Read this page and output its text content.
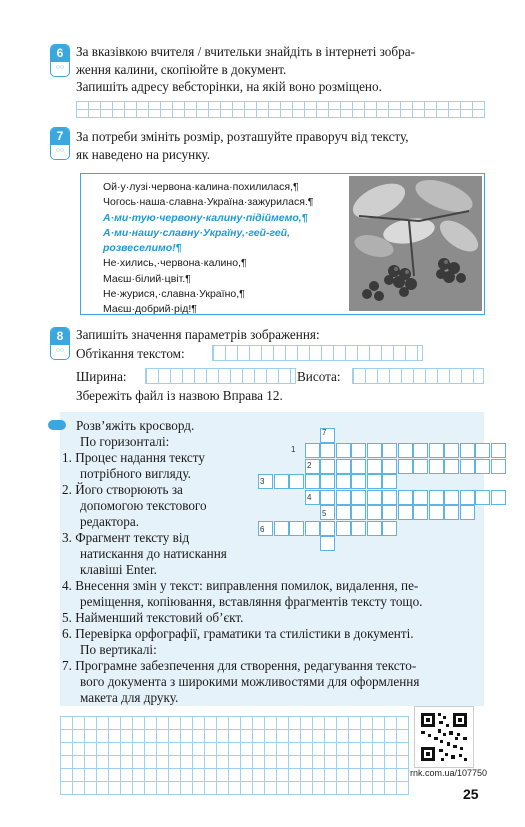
6
○○
За вказівкою вчителя / вчительки знайдіть в інтернеті зобра-
ження калини, скопіюйте в документ.
Запишіть адресу вебсторінки, на якій воно розміщено.
7
○○
За потреби змініть розмір, розташуйте праворуч від тексту,
як наведено на рисунку.
Ой·у·лузі·червона·калина·похилилася,¶
Чогось·наша·славна·Україна·зажурилася.¶
А·ми·тую·червону·калину·підіймемо,¶
А·ми·нашу·славну·Україну,·гей-гей,
розвеселимо!¶
Не·хились,·червона·калино,¶
Маєш·білий·цвіт.¶
Не·журися,·славна·Україно,¶
Маєш·добрий·рід!¶
8
○○
Запишіть значення параметрів зображення:
Обтікання текстом:
Ширина:	Висота:
Збережіть файл із назвою Вправа 12.
Розв’яжіть кросворд.
По горизонталі:
1. Процес надання тексту
потрібного вигляду.
2. Його створюють за
допомогою текстового
редактора.
3. Фрагмент тексту від
натискання до натискання
клавіші Enter.
4. Внесення змін у текст: виправлення помилок, видалення, пе-
реміщення, копіювання, вставляння фрагментів тексту тощо.
5. Найменший текстовий об’єкт.
6. Перевірка орфографії, граматики та стилістики в документі.
По вертикалі:
7. Програмне забезпечення для створення, редагування тексто-
вого документа з широкими можливостями для оформлення
макета для друку.
7
1
2
3
4
5
6
rnk.com.ua/107750
25
